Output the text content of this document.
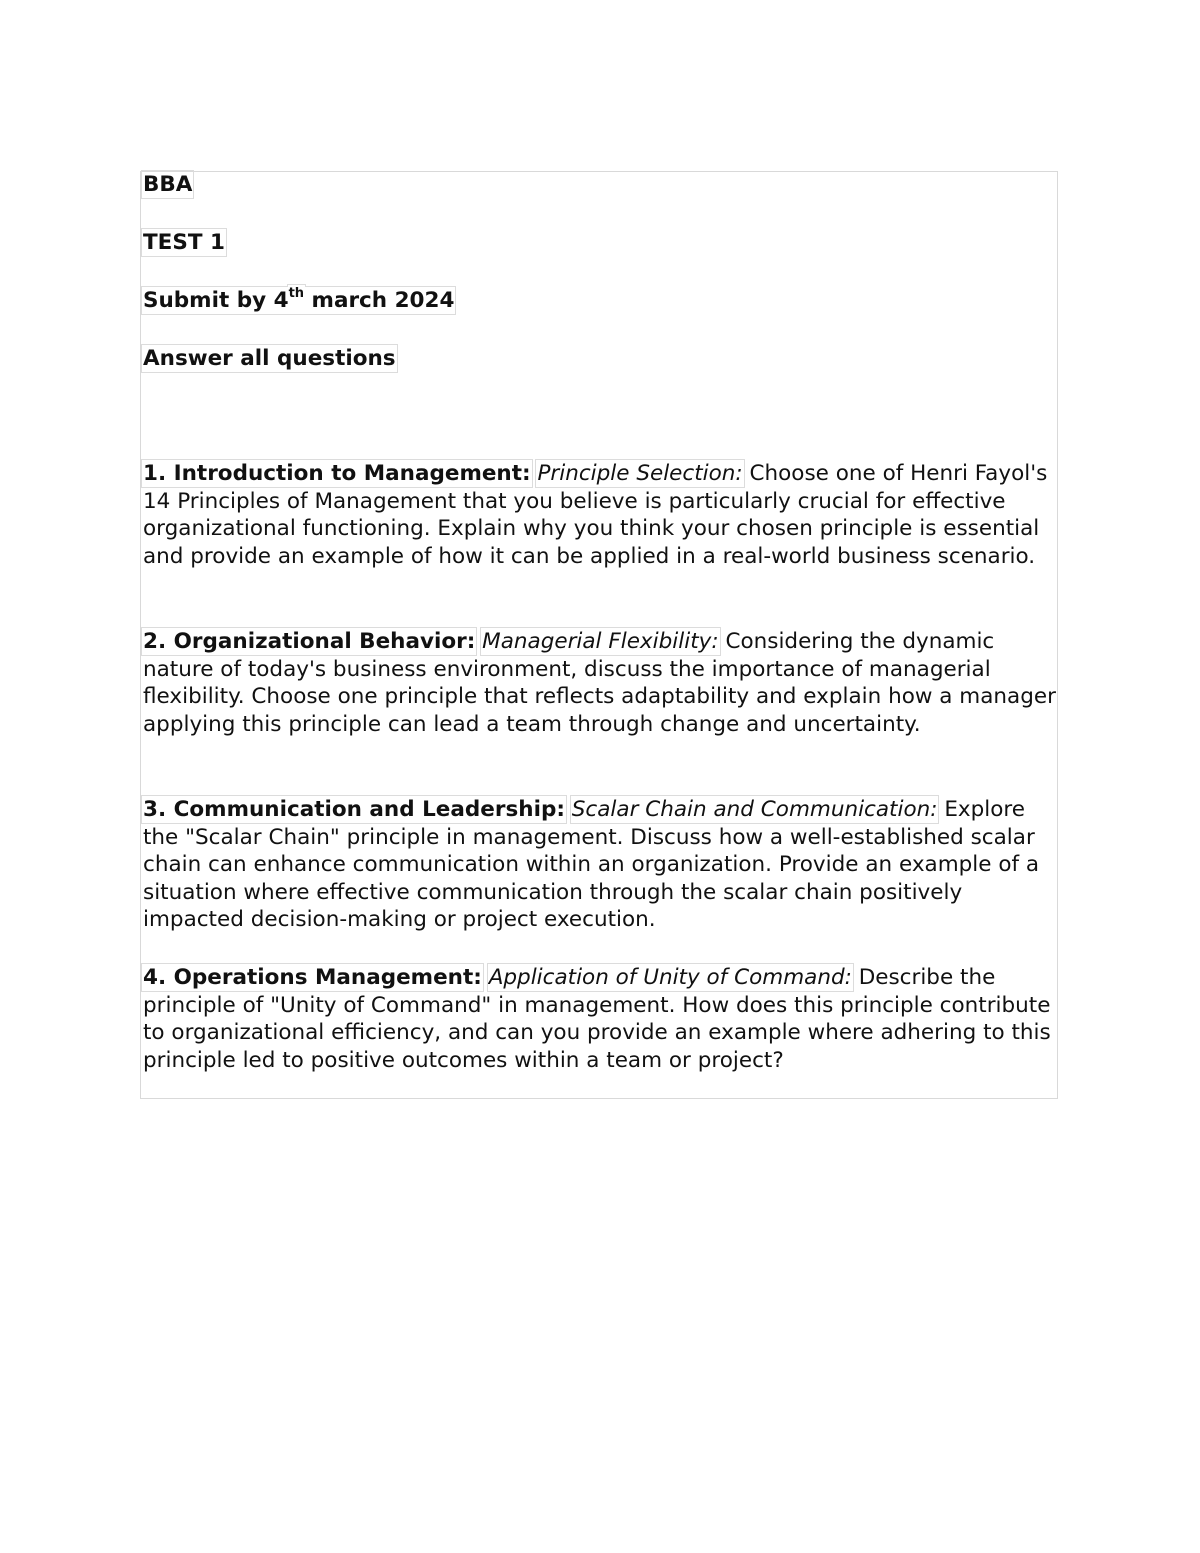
BBA
TEST 1
Submit by 4th march 2024
Answer all questions

1. Introduction to Management: Principle Selection: Choose one of Henri Fayol's 14 Principles of Management that you believe is particularly crucial for effective organizational functioning. Explain why you think your chosen principle is essential and provide an example of how it can be applied in a real-world business scenario.

2. Organizational Behavior: Managerial Flexibility: Considering the dynamic nature of today's business environment, discuss the importance of managerial flexibility. Choose one principle that reflects adaptability and explain how a manager applying this principle can lead a team through change and uncertainty.

3. Communication and Leadership: Scalar Chain and Communication: Explore the "Scalar Chain" principle in management. Discuss how a well-established scalar chain can enhance communication within an organization. Provide an example of a situation where effective communication through the scalar chain positively impacted decision-making or project execution.

4. Operations Management: Application of Unity of Command: Describe the principle of "Unity of Command" in management. How does this principle contribute to organizational efficiency, and can you provide an example where adhering to this principle led to positive outcomes within a team or project?
